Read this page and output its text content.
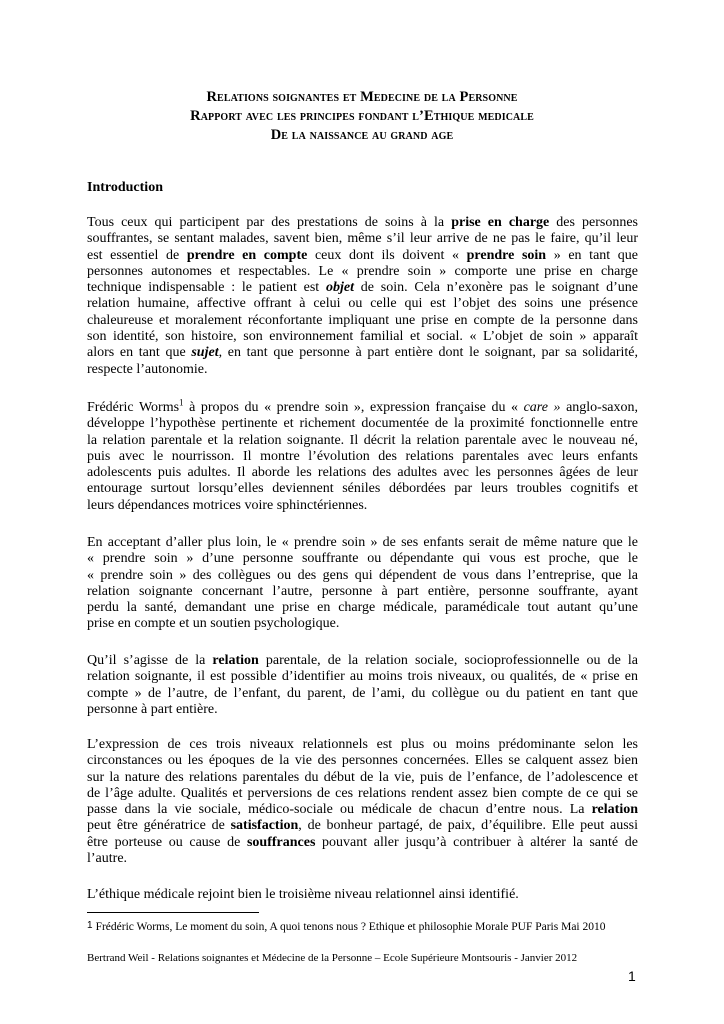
Relations soignantes et Medecine de la Personne
Rapport avec les principes fondant l’Ethique medicale
De la naissance au grand age
Introduction
Tous ceux qui participent par des prestations de soins à la prise en charge des personnes
souffrantes, se sentant malades, savent bien, même s’il leur arrive de ne pas le faire, qu’il leur
est essentiel de prendre en compte ceux dont ils doivent « prendre soin » en tant que
personnes autonomes et respectables. Le « prendre soin » comporte une prise en charge
technique indispensable : le patient est objet de soin. Cela n’exonère pas le soignant d’une
relation humaine, affective offrant à celui ou celle qui est l’objet des soins une présence
chaleureuse et moralement réconfortante impliquant une prise en compte de la personne dans
son identité, son histoire, son environnement familial et social. « L’objet de soin » apparaît
alors en tant que sujet, en tant que personne à part entière dont le soignant, par sa solidarité,
respecte l’autonomie.
Frédéric Worms$^1$ à propos du « prendre soin », expression française du « care » anglo-saxon,
développe l’hypothèse pertinente et richement documentée de la proximité fonctionnelle entre
la relation parentale et la relation soignante. Il décrit la relation parentale avec le nouveau né,
puis avec le nourrisson. Il montre l’évolution des relations parentales avec leurs enfants
adolescents puis adultes. Il aborde les relations des adultes avec les personnes âgées de leur
entourage surtout lorsqu’elles deviennent séniles débordées par leurs troubles cognitifs et
leurs dépendances motrices voire sphinctériennes.
En acceptant d’aller plus loin, le « prendre soin » de ses enfants serait de même nature que le
« prendre soin » d’une personne souffrante ou dépendante qui vous est proche, que le
« prendre soin » des collègues ou des gens qui dépendent de vous dans l’entreprise, que la
relation soignante concernant l’autre, personne à part entière, personne souffrante, ayant
perdu la santé, demandant une prise en charge médicale, paramédicale tout autant qu’une
prise en compte et un soutien psychologique.
Qu’il s’agisse de la relation parentale, de la relation sociale, socioprofessionnelle ou de la
relation soignante, il est possible d’identifier au moins trois niveaux, ou qualités, de « prise en
compte » de l’autre, de l’enfant, du parent, de l’ami, du collègue ou du patient en tant que
personne à part entière.
L’expression de ces trois niveaux relationnels est plus ou moins prédominante selon les
circonstances ou les époques de la vie des personnes concernées. Elles se calquent assez bien
sur la nature des relations parentales du début de la vie, puis de l’enfance, de l’adolescence et
de l’âge adulte. Qualités et perversions de ces relations rendent assez bien compte de ce qui se
passe dans la vie sociale, médico-sociale ou médicale de chacun d’entre nous. La relation
peut être génératrice de satisfaction, de bonheur partagé, de paix, d’équilibre. Elle peut aussi
être porteuse ou cause de souffrances pouvant aller jusqu’à contribuer à altérer la santé de
l’autre.
L’éthique médicale rejoint bien le troisième niveau relationnel ainsi identifié.
$^1$ Frédéric Worms, Le moment du soin, A quoi tenons nous ? Ethique et philosophie Morale PUF Paris Mai 2010
Bertrand Weil - Relations soignantes et Médecine de la Personne – Ecole Supérieure Montsouris - Janvier 2012
1
